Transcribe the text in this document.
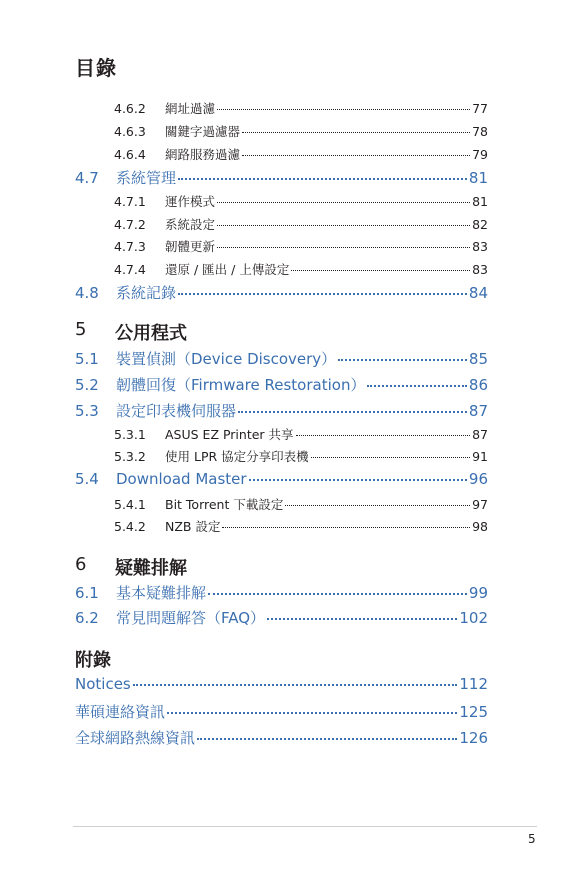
目錄
4.6.2	網址過濾	77
4.6.3	關鍵字過濾器	78
4.6.4	網路服務過濾	79
4.7	系統管理	81
4.7.1	運作模式	81
4.7.2	系統設定	82
4.7.3	韌體更新	83
4.7.4	還原 / 匯出 / 上傳設定	83
4.8	系統記錄	84
5	公用程式
5.1	裝置偵測（Device Discovery）	85
5.2	韌體回復（Firmware Restoration）	86
5.3	設定印表機伺服器	87
5.3.1	ASUS EZ Printer 共享	87
5.3.2	使用 LPR 協定分享印表機	91
5.4	Download Master	96
5.4.1	Bit Torrent 下載設定	97
5.4.2	NZB 設定	98
6	疑難排解
6.1	基本疑難排解	99
6.2	常見問題解答（FAQ）	102
附錄
Notices	112
華碩連絡資訊	125
全球網路熱線資訊	126
5
